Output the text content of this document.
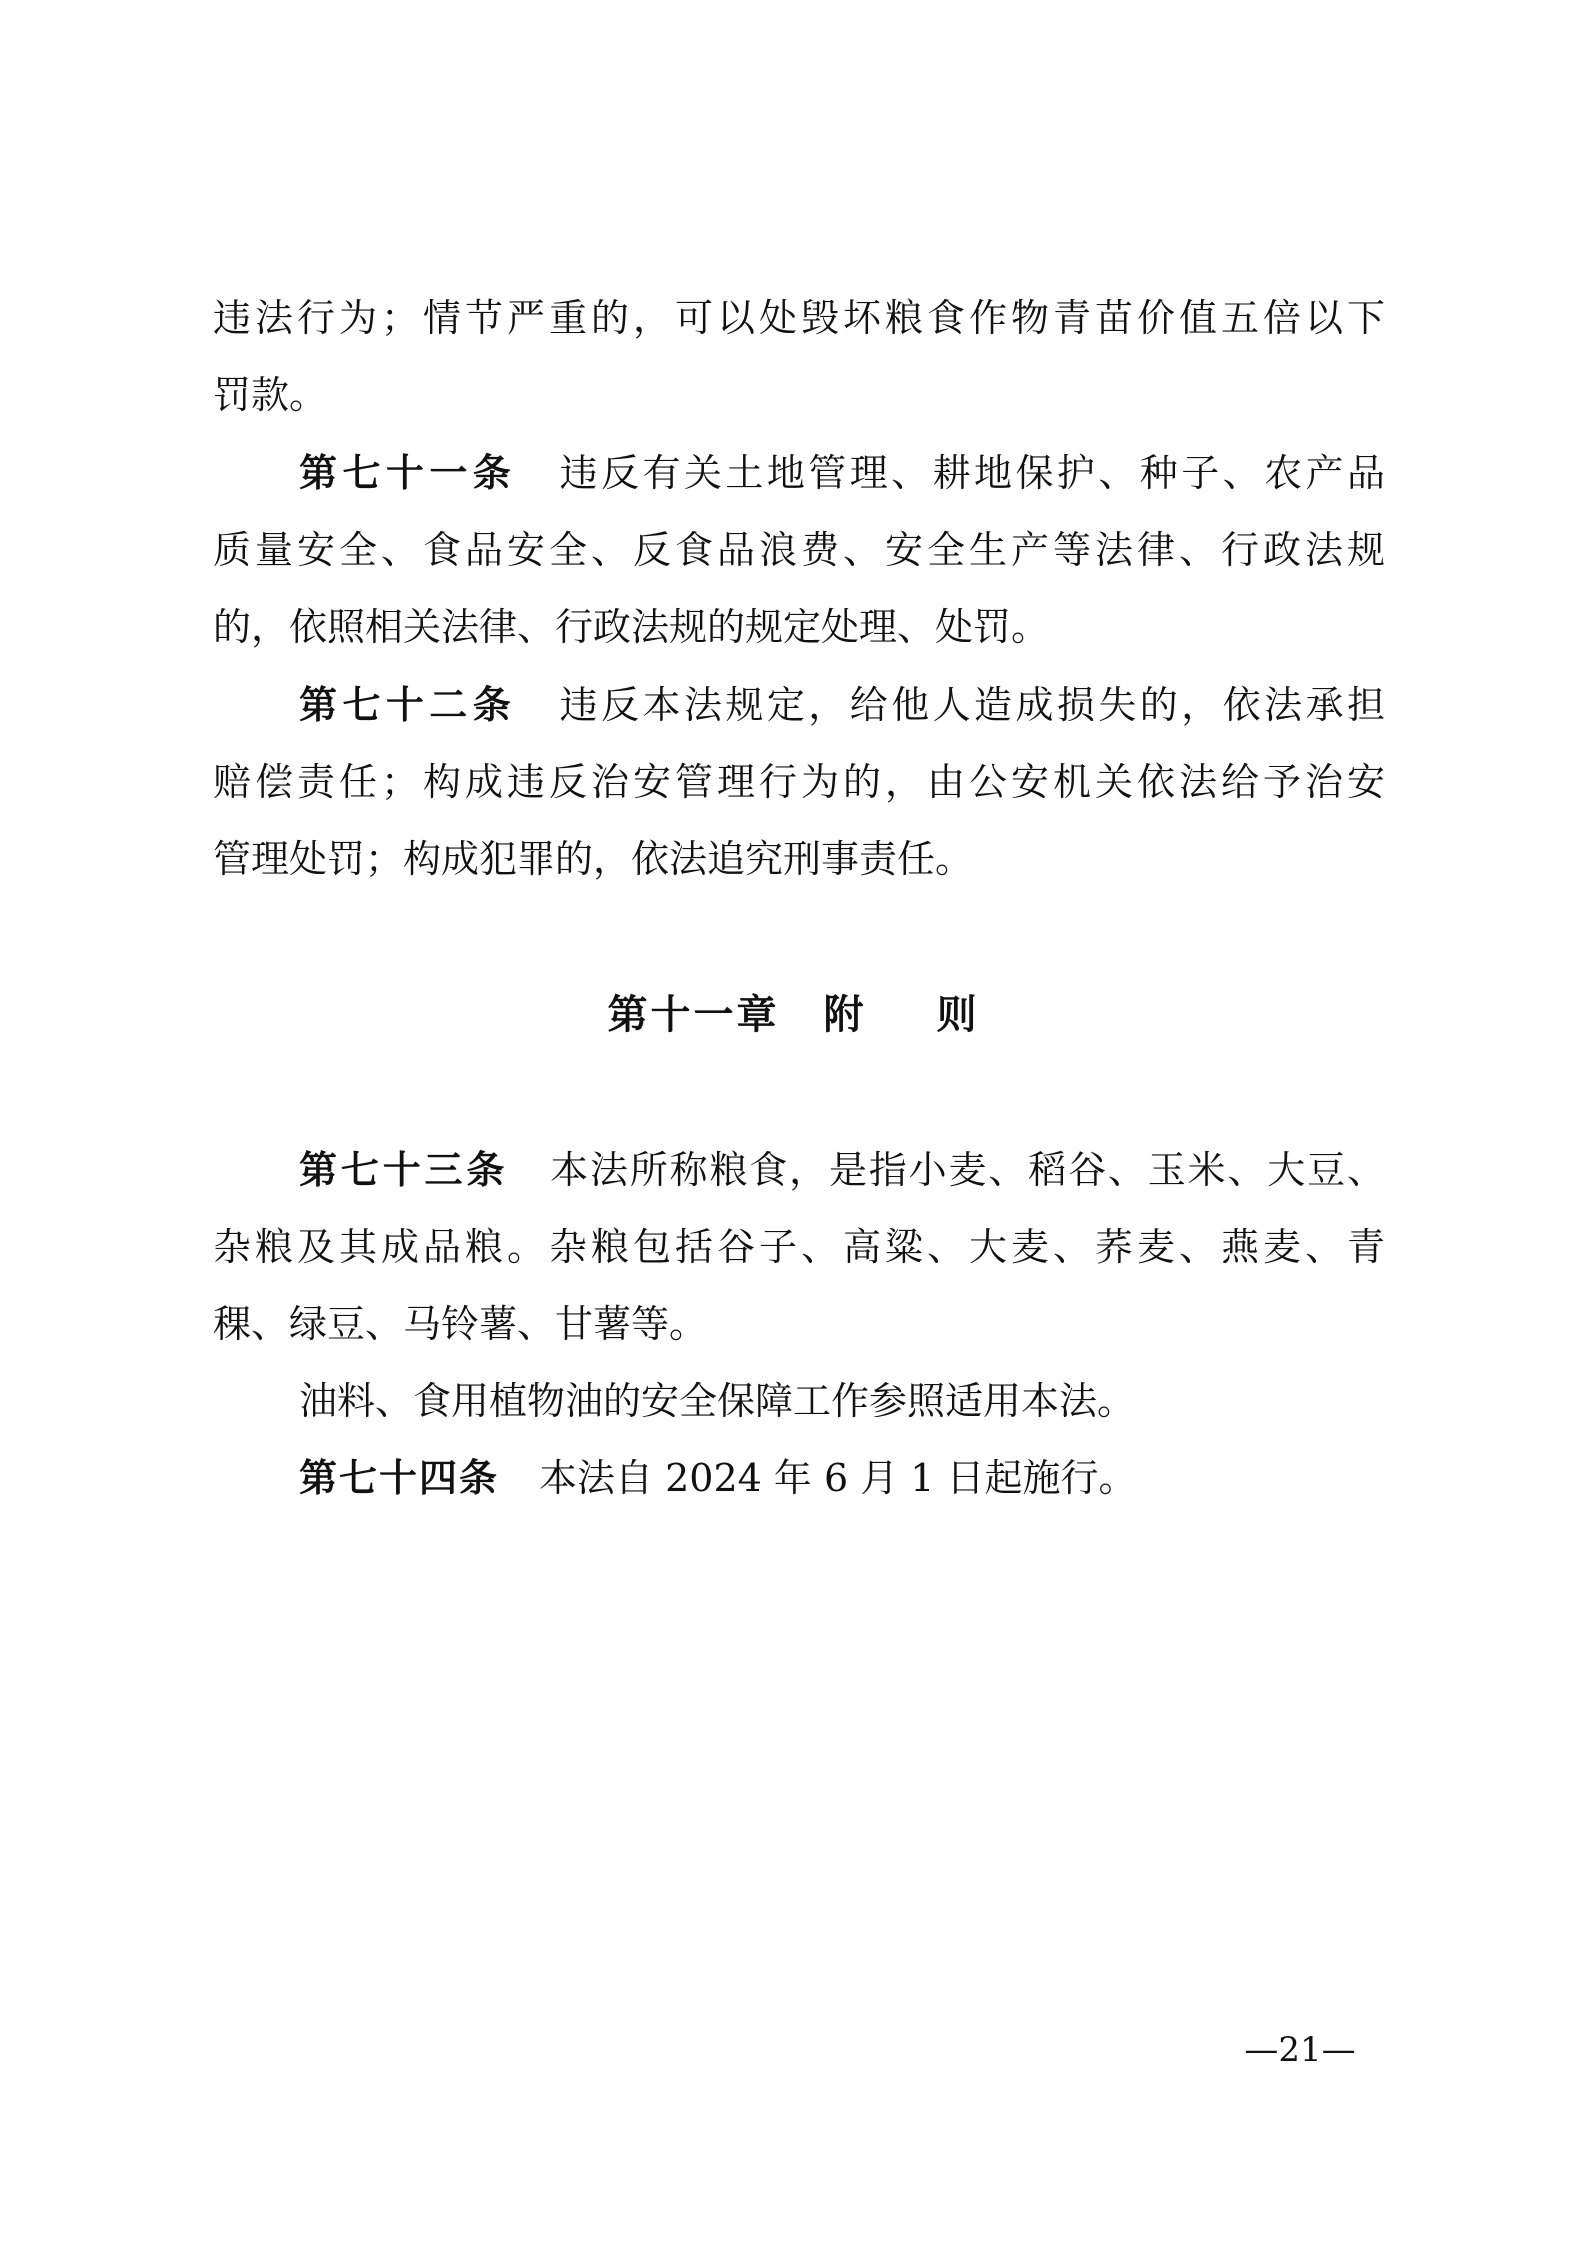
违法行为；情节严重的，可以处毁坏粮食作物青苗价值五倍以下
罚款。
第七十一条 违反有关土地管理、耕地保护、种子、农产品
质量安全、食品安全、反食品浪费、安全生产等法律、行政法规
的，依照相关法律、行政法规的规定处理、处罚。
第七十二条 违反本法规定，给他人造成损失的，依法承担
赔偿责任；构成违反治安管理行为的，由公安机关依法给予治安
管理处罚；构成犯罪的，依法追究刑事责任。
第七十三条 本法所称粮食，是指小麦、稻谷、玉米、大豆、
杂粮及其成品粮。杂粮包括谷子、高粱、大麦、荞麦、燕麦、青
稞、绿豆、马铃薯、甘薯等。
油料、食用植物油的安全保障工作参照适用本法。
第七十四条 本法自 2024 年 6 月 1 日起施行。
第十一章 附 则
—21—
